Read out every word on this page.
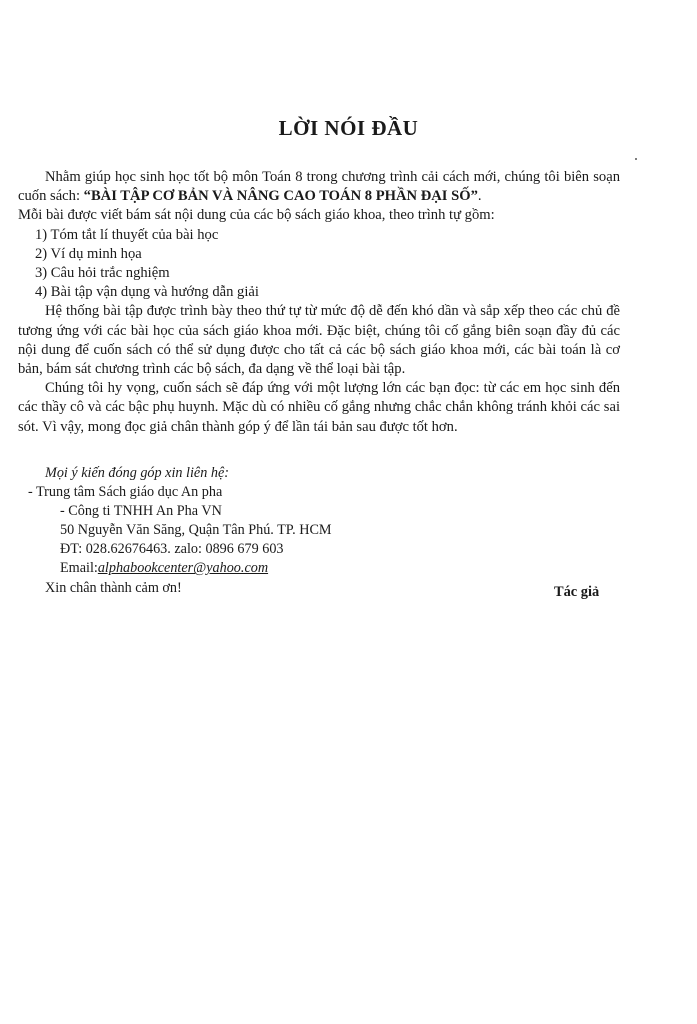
LỜI NÓI ĐẦU

Nhằm giúp học sinh học tốt bộ môn Toán 8 trong chương trình cải cách mới, chúng tôi biên soạn cuốn sách: “BÀI TẬP CƠ BẢN VÀ NÂNG CAO TOÁN 8 PHẦN ĐẠI SỐ”.

Mỗi bài được viết bám sát nội dung của các bộ sách giáo khoa, theo trình tự gồm:

1) Tóm tắt lí thuyết của bài học

2) Ví dụ minh họa

3) Câu hỏi trắc nghiệm

4) Bài tập vận dụng và hướng dẫn giải

Hệ thống bài tập được trình bày theo thứ tự từ mức độ dễ đến khó dần và sắp xếp theo các chủ đề tương ứng với các bài học của sách giáo khoa mới. Đặc biệt, chúng tôi cố gắng biên soạn đầy đủ các nội dung để cuốn sách có thể sử dụng được cho tất cả các bộ sách giáo khoa mới, các bài toán là cơ bản, bám sát chương trình các bộ sách, đa dạng về thể loại bài tập.

Chúng tôi hy vọng, cuốn sách sẽ đáp ứng với một lượng lớn các bạn đọc: từ các em học sinh đến các thầy cô và các bậc phụ huynh. Mặc dù có nhiều cố gắng nhưng chắc chắn không tránh khỏi các sai sót. Vì vậy, mong đọc giả chân thành góp ý để lần tái bản sau được tốt hơn.

Mọi ý kiến đóng góp xin liên hệ:
- Trung tâm Sách giáo dục An pha
- Công ti TNHH An Pha VN
50 Nguyễn Văn Săng, Quận Tân Phú. TP. HCM
ĐT: 028.62676463. zalo: 0896 679 603
Email:alphabookcenter@yahoo.com
Xin chân thành cảm ơn!	Tác giả
